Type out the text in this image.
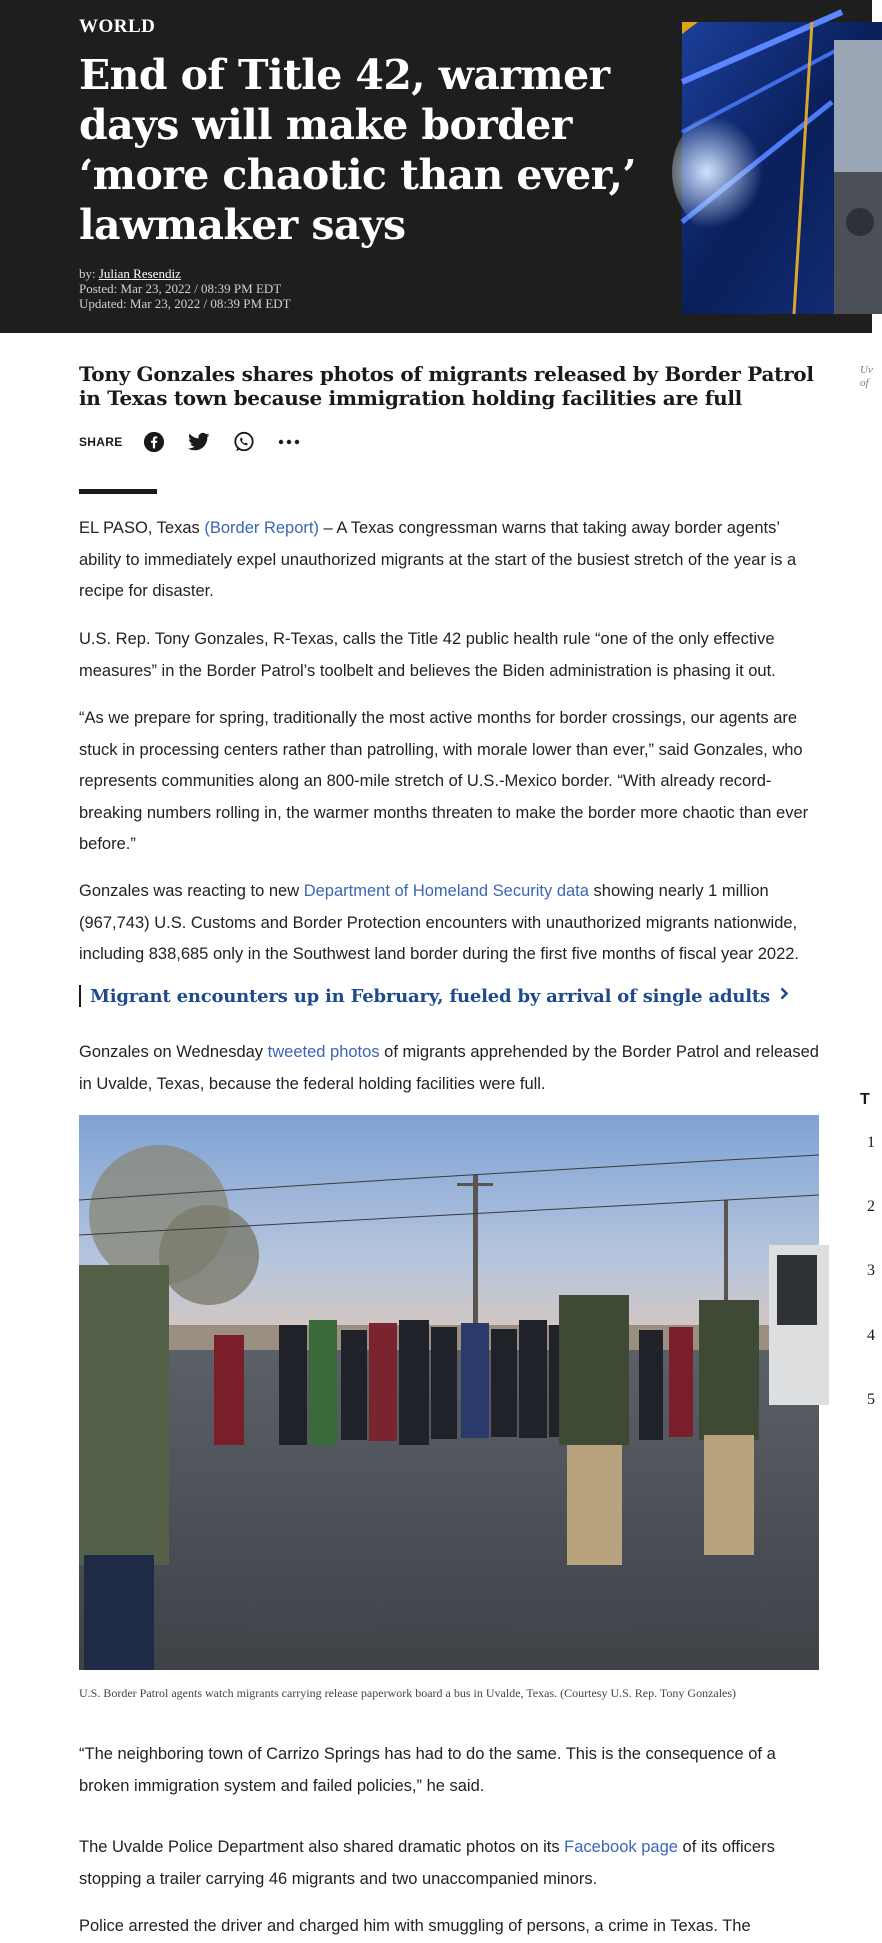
WORLD
End of Title 42, warmer days will make border ‘more chaotic than ever,’ lawmaker says
by: Julian Resendiz
Posted: Mar 23, 2022 / 08:39 PM EDT
Updated: Mar 23, 2022 / 08:39 PM EDT
Tony Gonzales shares photos of migrants released by Border Patrol in Texas town because immigration holding facilities are full
Uv of
SHARE

EL PASO, Texas (Border Report) – A Texas congressman warns that taking away border agents’ ability to immediately expel unauthorized migrants at the start of the busiest stretch of the year is a recipe for disaster.

U.S. Rep. Tony Gonzales, R-Texas, calls the Title 42 public health rule “one of the only effective measures” in the Border Patrol’s toolbelt and believes the Biden administration is phasing it out.

“As we prepare for spring, traditionally the most active months for border crossings, our agents are stuck in processing centers rather than patrolling, with morale lower than ever,” said Gonzales, who represents communities along an 800-mile stretch of U.S.-Mexico border. “With already record-breaking numbers rolling in, the warmer months threaten to make the border more chaotic than ever before.”

Gonzales was reacting to new Department of Homeland Security data showing nearly 1 million (967,743) U.S. Customs and Border Protection encounters with unauthorized migrants nationwide, including 838,685 only in the Southwest land border during the first five months of fiscal year 2022.

Migrant encounters up in February, fueled by arrival of single adults

Gonzales on Wednesday tweeted photos of migrants apprehended by the Border Patrol and released in Uvalde, Texas, because the federal holding facilities were full.

U.S. Border Patrol agents watch migrants carrying release paperwork board a bus in Uvalde, Texas. (Courtesy U.S. Rep. Tony Gonzales)

“The neighboring town of Carrizo Springs has had to do the same. This is the consequence of a broken immigration system and failed policies,” he said.

The Uvalde Police Department also shared dramatic photos on its Facebook page of its officers stopping a trailer carrying 46 migrants and two unaccompanied minors.

Police arrested the driver and charged him with smuggling of persons, a crime in Texas. The

T
1
2
3
4
5
